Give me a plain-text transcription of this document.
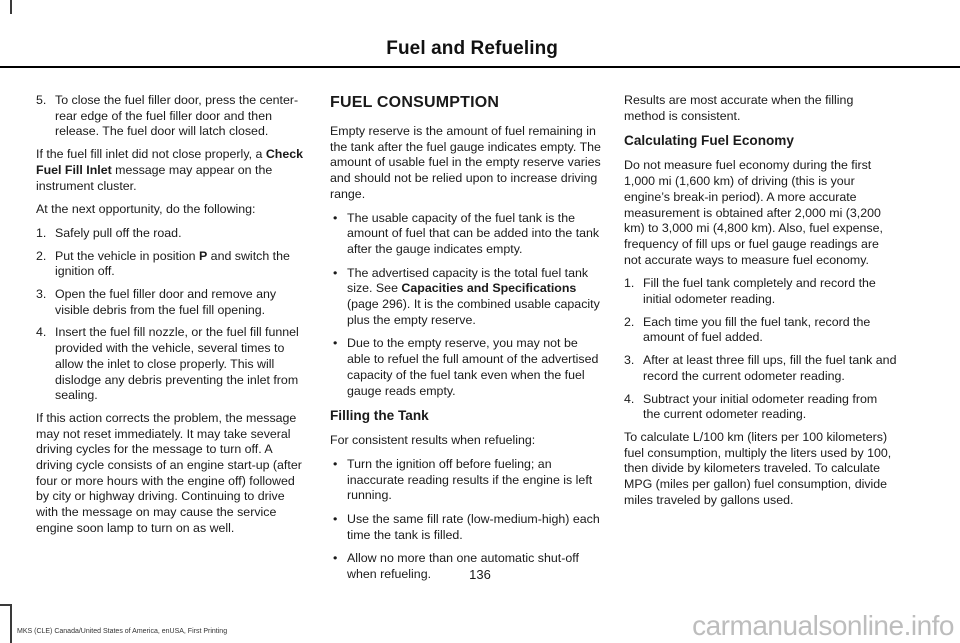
Fuel and Refueling
5. To close the fuel filler door, press the center-rear edge of the fuel filler door and then release. The fuel door will latch closed.

If the fuel fill inlet did not close properly, a Check Fuel Fill Inlet message may appear on the instrument cluster.

At the next opportunity, do the following:

1. Safely pull off the road.
2. Put the vehicle in position P and switch the ignition off.
3. Open the fuel filler door and remove any visible debris from the fuel fill opening.
4. Insert the fuel fill nozzle, or the fuel fill funnel provided with the vehicle, several times to allow the inlet to close properly. This will dislodge any debris preventing the inlet from sealing.

If this action corrects the problem, the message may not reset immediately. It may take several driving cycles for the message to turn off. A driving cycle consists of an engine start-up (after four or more hours with the engine off) followed by city or highway driving. Continuing to drive with the message on may cause the service engine soon lamp to turn on as well.

FUEL CONSUMPTION

Empty reserve is the amount of fuel remaining in the tank after the fuel gauge indicates empty. The amount of usable fuel in the empty reserve varies and should not be relied upon to increase driving range.

• The usable capacity of the fuel tank is the amount of fuel that can be added into the tank after the gauge indicates empty.
• The advertised capacity is the total fuel tank size. See Capacities and Specifications (page 296). It is the combined usable capacity plus the empty reserve.
• Due to the empty reserve, you may not be able to refuel the full amount of the advertised capacity of the fuel tank even when the fuel gauge reads empty.
Filling the Tank

For consistent results when refueling:

• Turn the ignition off before fueling; an inaccurate reading results if the engine is left running.
• Use the same fill rate (low-medium-high) each time the tank is filled.
• Allow no more than one automatic shut-off when refueling.

Results are most accurate when the filling method is consistent.

Calculating Fuel Economy

Do not measure fuel economy during the first 1,000 mi (1,600 km) of driving (this is your engine’s break-in period). A more accurate measurement is obtained after 2,000 mi (3,200 km) to 3,000 mi (4,800 km). Also, fuel expense, frequency of fill ups or fuel gauge readings are not accurate ways to measure fuel economy.

1. Fill the fuel tank completely and record the initial odometer reading.
2. Each time you fill the fuel tank, record the amount of fuel added.
3. After at least three fill ups, fill the fuel tank and record the current odometer reading.
4. Subtract your initial odometer reading from the current odometer reading.

To calculate L/100 km (liters per 100 kilometers) fuel consumption, multiply the liters used by 100, then divide by kilometers traveled. To calculate MPG (miles per gallon) fuel consumption, divide miles traveled by gallons used.

136
MKS (CLE) Canada/United States of America, enUSA, First Printing	carmanualsonline.info
